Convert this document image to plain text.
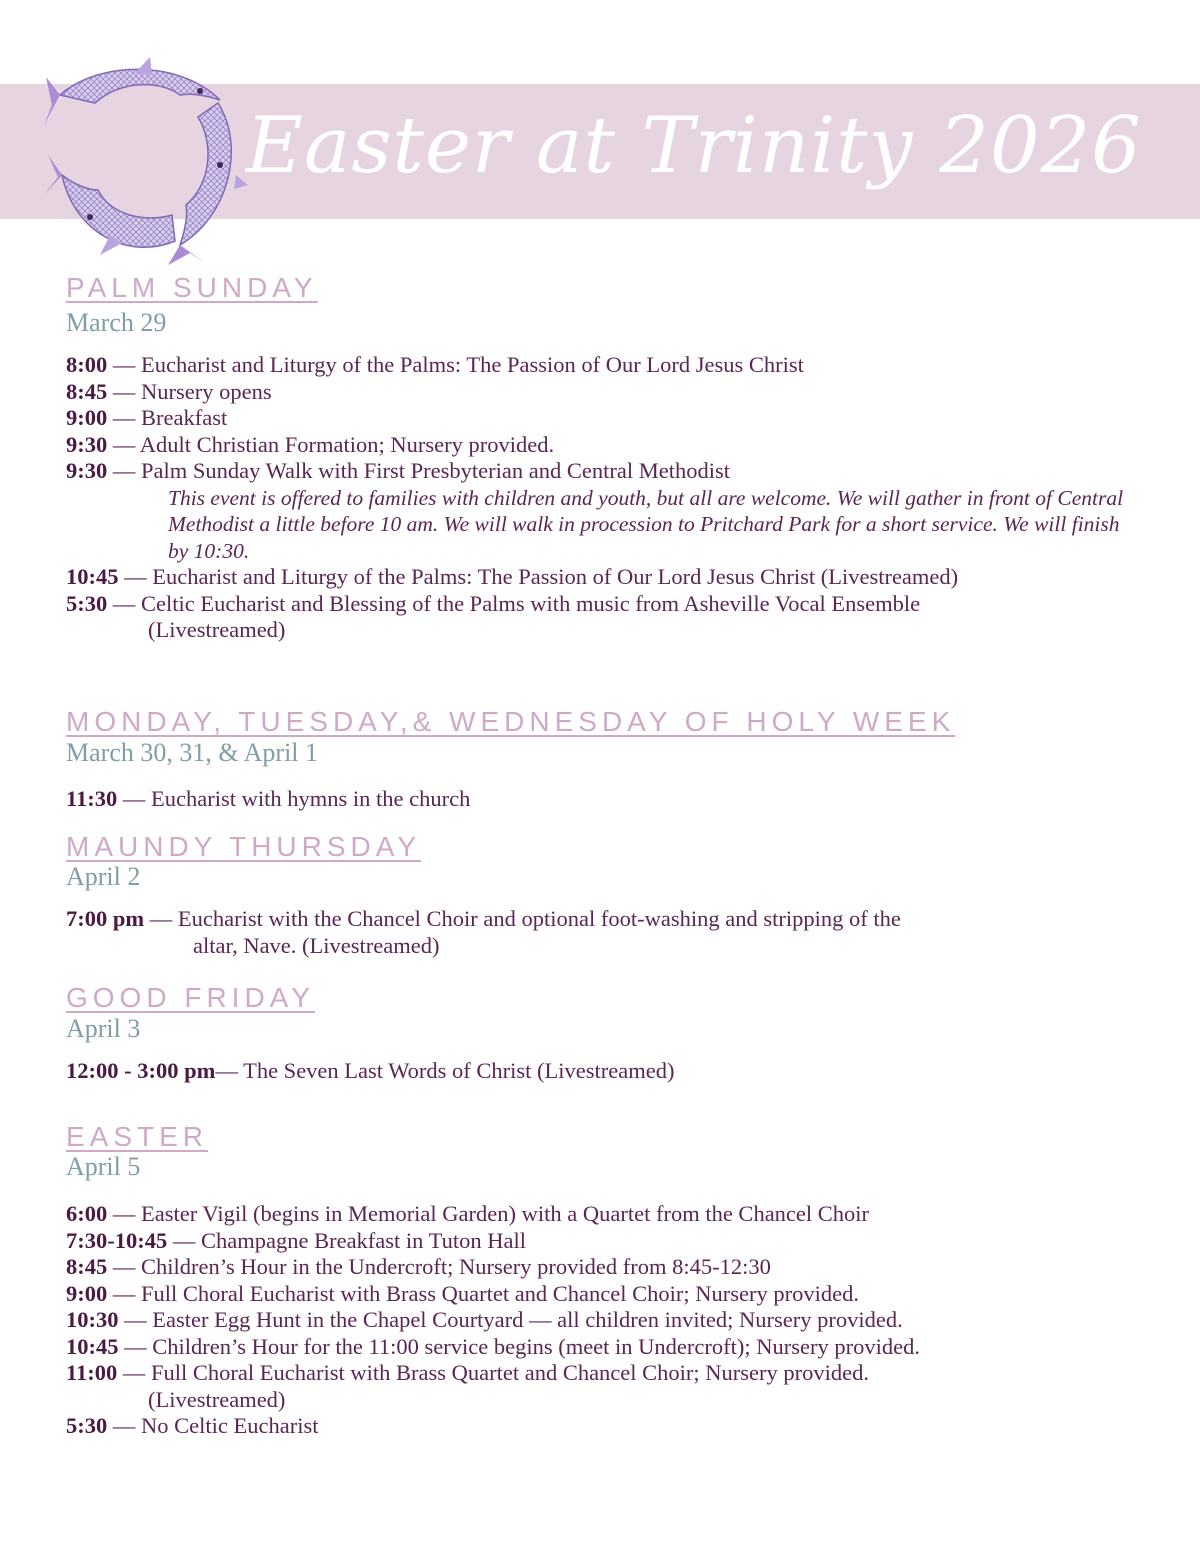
Easter at Trinity 2026
PALM SUNDAY
March 29
8:00 — Eucharist and Liturgy of the Palms: The Passion of Our Lord Jesus Christ
8:45 — Nursery opens
9:00 — Breakfast
9:30 — Adult Christian Formation; Nursery provided.
9:30 — Palm Sunday Walk with First Presbyterian and Central Methodist
This event is offered to families with children and youth, but all are welcome. We will gather in front of Central Methodist a little before 10 am. We will walk in procession to Pritchard Park for a short service. We will finish by 10:30.
10:45 — Eucharist and Liturgy of the Palms: The Passion of Our Lord Jesus Christ (Livestreamed)
5:30 — Celtic Eucharist and Blessing of the Palms with music from Asheville Vocal Ensemble
(Livestreamed)
MONDAY, TUESDAY,& WEDNESDAY OF HOLY WEEK
March 30, 31, & April 1
11:30 — Eucharist with hymns in the church
MAUNDY THURSDAY
April 2
7:00 pm — Eucharist with the Chancel Choir and optional foot-washing and stripping of the
altar, Nave. (Livestreamed)
GOOD FRIDAY
April 3
12:00 - 3:00 pm— The Seven Last Words of Christ (Livestreamed)
EASTER
April 5
6:00 — Easter Vigil (begins in Memorial Garden) with a Quartet from the Chancel Choir
7:30-10:45 — Champagne Breakfast in Tuton Hall
8:45 — Children’s Hour in the Undercroft; Nursery provided from 8:45-12:30
9:00 — Full Choral Eucharist with Brass Quartet and Chancel Choir; Nursery provided.
10:30 — Easter Egg Hunt in the Chapel Courtyard — all children invited; Nursery provided.
10:45 — Children’s Hour for the 11:00 service begins (meet in Undercroft); Nursery provided.
11:00 — Full Choral Eucharist with Brass Quartet and Chancel Choir; Nursery provided.
(Livestreamed)
5:30 — No Celtic Eucharist
